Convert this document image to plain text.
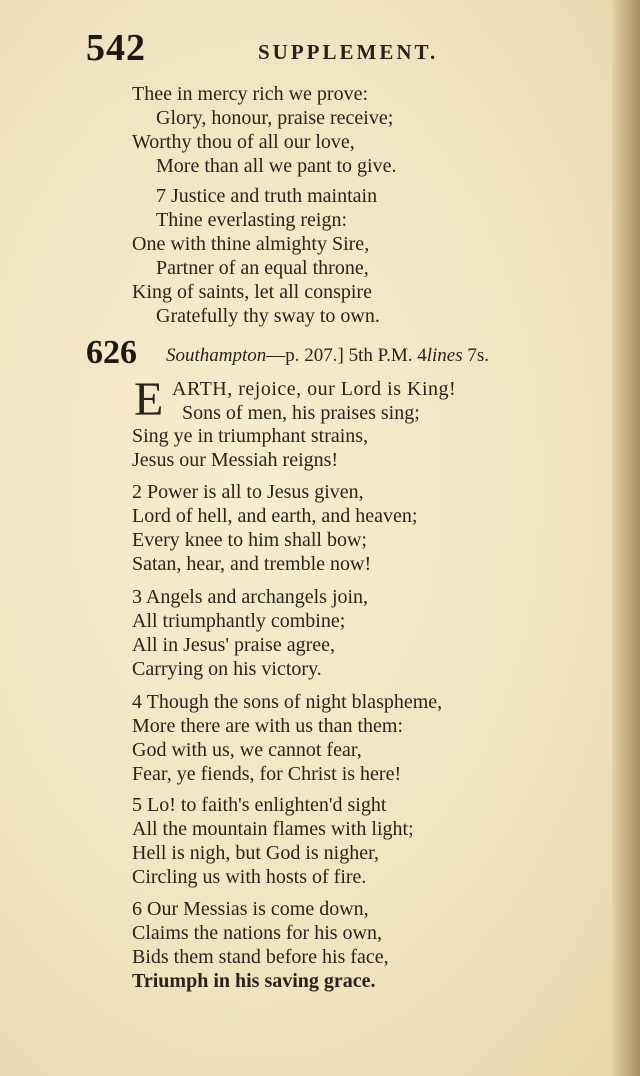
542	SUPPLEMENT.
Thee in mercy rich we prove:
Glory, honour, praise receive;
Worthy thou of all our love,
More than all we pant to give.
7 Justice and truth maintain
Thine everlasting reign:
One with thine almighty Sire,
Partner of an equal throne,
King of saints, let all conspire
Gratefully thy sway to own.
626 Southampton—p. 207.] 5th P.M. 4lines 7s.
E ARTH, rejoice, our Lord is King!
Sons of men, his praises sing;
Sing ye in triumphant strains,
Jesus our Messiah reigns!
2 Power is all to Jesus given,
Lord of hell, and earth, and heaven;
Every knee to him shall bow;
Satan, hear, and tremble now!
3 Angels and archangels join,
All triumphantly combine;
All in Jesus' praise agree,
Carrying on his victory.
4 Though the sons of night blaspheme,
More there are with us than them:
God with us, we cannot fear,
Fear, ye fiends, for Christ is here!
5 Lo! to faith's enlighten'd sight
All the mountain flames with light;
Hell is nigh, but God is nigher,
Circling us with hosts of fire.
6 Our Messias is come down,
Claims the nations for his own,
Bids them stand before his face,
Triumph in his saving grace.
